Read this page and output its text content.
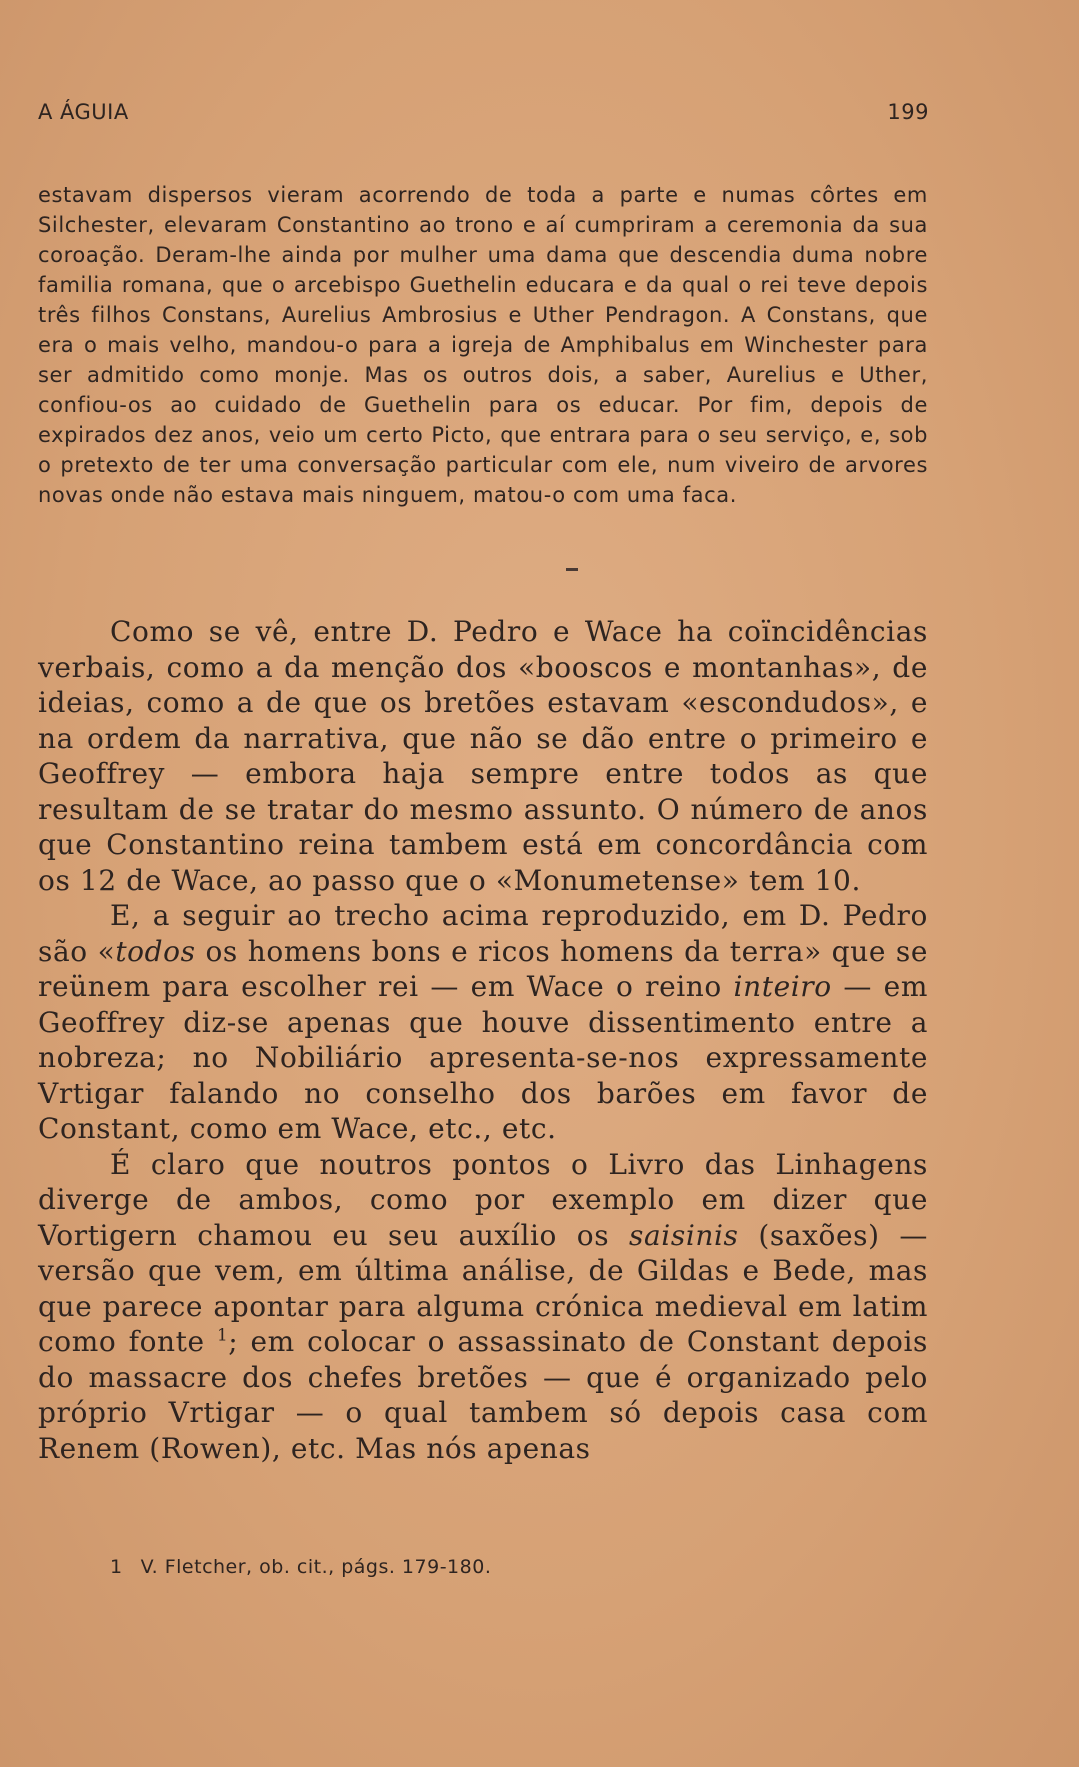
A ÁGUIA	199
estavam dispersos vieram acorrendo de toda a parte e numas côrtes em Silchester, elevaram Constantino ao trono e aí cumpriram a ceremonia da sua coroação. Deram-lhe ainda por mulher uma dama que descendia duma nobre familia romana, que o arcebispo Guethelin educara e da qual o rei teve depois três filhos Constans, Aurelius Ambrosius e Uther Pendragon. A Constans, que era o mais velho, mandou-o para a igreja de Amphibalus em Winchester para ser admitido como monje. Mas os outros dois, a saber, Aurelius e Uther, confiou-os ao cuidado de Guethelin para os educar. Por fim, depois de expirados dez anos, veio um certo Picto, que entrara para o seu serviço, e, sob o pretexto de ter uma conversação particular com ele, num viveiro de arvores novas onde não estava mais ninguem, matou-o com uma faca.

Como se vê, entre D. Pedro e Wace ha coïncidências verbais, como a da menção dos «booscos e montanhas», de ideias, como a de que os bretões estavam «escondudos», e na ordem da narrativa, que não se dão entre o primeiro e Geoffrey — embora haja sempre entre todos as que resultam de se tratar do mesmo assunto. O número de anos que Constantino reina tambem está em concordância com os 12 de Wace, ao passo que o «Monumetense» tem 10.

E, a seguir ao trecho acima reproduzido, em D. Pedro são «todos os homens bons e ricos homens da terra» que se reünem para escolher rei — em Wace o reino inteiro — em Geoffrey diz-se apenas que houve dissentimento entre a nobreza; no Nobiliário apresenta-se-nos expressamente Vrtigar falando no conselho dos barões em favor de Constant, como em Wace, etc., etc.

É claro que noutros pontos o Livro das Linhagens diverge de ambos, como por exemplo em dizer que Vortigern chamou eu seu auxílio os saisinis (saxões) — versão que vem, em última análise, de Gildas e Bede, mas que parece apontar para alguma crónica medieval em latim como fonte $^1$; em colocar o assassinato de Constant depois do massacre dos chefes bretões — que é organizado pelo próprio Vrtigar — o qual tambem só depois casa com Renem (Rowen), etc. Mas nós apenas

1 V. Fletcher, ob. cit., págs. 179-180.
